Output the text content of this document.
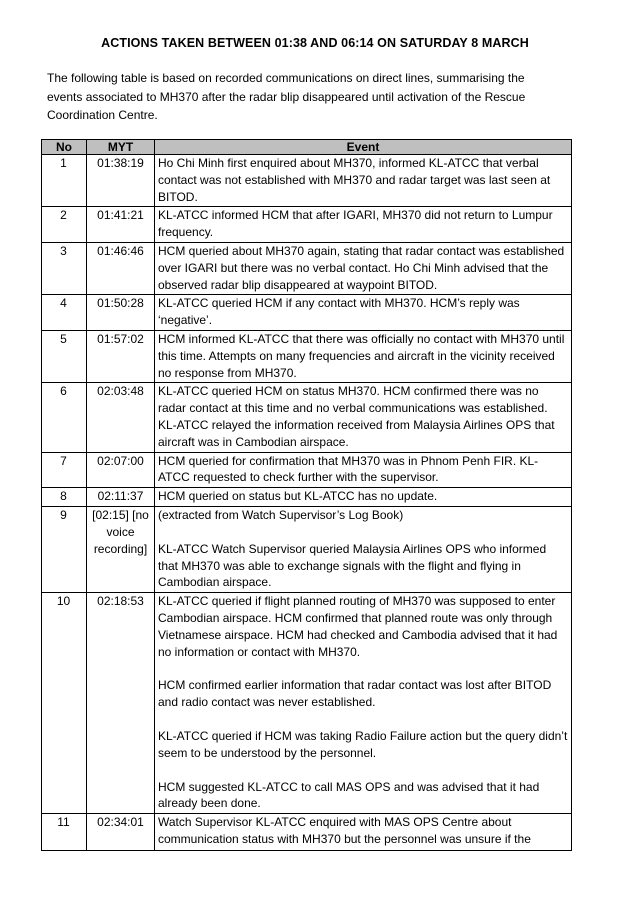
ACTIONS TAKEN BETWEEN 01:38 AND 06:14 ON SATURDAY 8 MARCH
The following table is based on recorded communications on direct lines, summarising the events associated to MH370 after the radar blip disappeared until activation of the Rescue Coordination Centre.
No	MYT	Event
1	01:38:19	Ho Chi Minh first enquired about MH370, informed KL-ATCC that verbal contact was not established with MH370 and radar target was last seen at BITOD.

2	01:41:21	KL-ATCC informed HCM that after IGARI, MH370 did not return to Lumpur frequency.

3	01:46:46	HCM queried about MH370 again, stating that radar contact was established over IGARI but there was no verbal contact. Ho Chi Minh advised that the observed radar blip disappeared at waypoint BITOD.

4	01:50:28	KL-ATCC queried HCM if any contact with MH370. HCM’s reply was ‘negative’.

5	01:57:02	HCM informed KL-ATCC that there was officially no contact with MH370 until this time. Attempts on many frequencies and aircraft in the vicinity received no response from MH370.

6	02:03:48	KL-ATCC queried HCM on status MH370. HCM confirmed there was no radar contact at this time and no verbal communications was established. KL-ATCC relayed the information received from Malaysia Airlines OPS that aircraft was in Cambodian airspace.

7	02:07:00	HCM queried for confirmation that MH370 was in Phnom Penh FIR. KL-ATCC requested to check further with the supervisor.

8	02:11:37	HCM queried on status but KL-ATCC has no update.

9	[02:15] [no voice recording]	(extracted from Watch Supervisor’s Log Book)
KL-ATCC Watch Supervisor queried Malaysia Airlines OPS who informed that MH370 was able to exchange signals with the flight and flying in Cambodian airspace.

10	02:18:53	KL-ATCC queried if flight planned routing of MH370 was supposed to enter Cambodian airspace. HCM confirmed that planned route was only through Vietnamese airspace. HCM had checked and Cambodia advised that it had no information or contact with MH370.
HCM confirmed earlier information that radar contact was lost after BITOD and radio contact was never established.
KL-ATCC queried if HCM was taking Radio Failure action but the query didn’t seem to be understood by the personnel.
HCM suggested KL-ATCC to call MAS OPS and was advised that it had already been done.

11	02:34:01	Watch Supervisor KL-ATCC enquired with MAS OPS Centre about communication status with MH370 but the personnel was unsure if the
